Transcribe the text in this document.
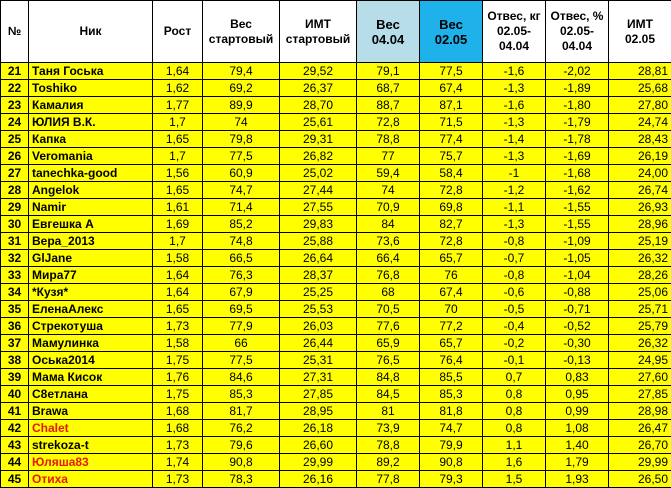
№	Ник	Рост	Вес стартовый	ИМТ стартовый	Вес 04.04	Вес 02.05	Отвес, кг 02.05-04.04	Отвес, % 02.05-04.04	ИМТ 02.05
21	Таня Госька	1,64	79,4	29,52	79,1	77,5	-1,6	-2,02	28,81
22	Toshiko	1,62	69,2	26,37	68,7	67,4	-1,3	-1,89	25,68
23	Камалия	1,77	89,9	28,70	88,7	87,1	-1,6	-1,80	27,80
24	ЮЛИЯ В.К.	1,7	74	25,61	72,8	71,5	-1,3	-1,79	24,74
25	Капка	1,65	79,8	29,31	78,8	77,4	-1,4	-1,78	28,43
26	Veromania	1,7	77,5	26,82	77	75,7	-1,3	-1,69	26,19
27	tanechka-good	1,56	60,9	25,02	59,4	58,4	-1	-1,68	24,00
28	Angelok	1,65	74,7	27,44	74	72,8	-1,2	-1,62	26,74
29	Namir	1,61	71,4	27,55	70,9	69,8	-1,1	-1,55	26,93
30	Евгешка А	1,69	85,2	29,83	84	82,7	-1,3	-1,55	28,96
31	Вера_2013	1,7	74,8	25,88	73,6	72,8	-0,8	-1,09	25,19
32	GlJane	1,58	66,5	26,64	66,4	65,7	-0,7	-1,05	26,32
33	Мира77	1,64	76,3	28,37	76,8	76	-0,8	-1,04	28,26
34	*Кузя*	1,64	67,9	25,25	68	67,4	-0,6	-0,88	25,06
35	ЕленаАлекс	1,65	69,5	25,53	70,5	70	-0,5	-0,71	25,71
36	Стрекотуша	1,73	77,9	26,03	77,6	77,2	-0,4	-0,52	25,79
37	Мамулинка	1,58	66	26,44	65,9	65,7	-0,2	-0,30	26,32
38	Оська2014	1,75	77,5	25,31	76,5	76,4	-0,1	-0,13	24,95
39	Мама Кисок	1,76	84,6	27,31	84,8	85,5	0,7	0,83	27,60
40	С8етлана	1,75	85,3	27,85	84,5	85,3	0,8	0,95	27,85
41	Brawa	1,68	81,7	28,95	81	81,8	0,8	0,99	28,98
42	Chalet	1,68	76,2	26,18	73,9	74,7	0,8	1,08	26,47
43	strekoza-t	1,73	79,6	26,60	78,8	79,9	1,1	1,40	26,70
44	Юляша83	1,74	90,8	29,99	89,2	90,8	1,6	1,79	29,99
45	Отиха	1,73	78,3	26,16	77,8	79,3	1,5	1,93	26,50
